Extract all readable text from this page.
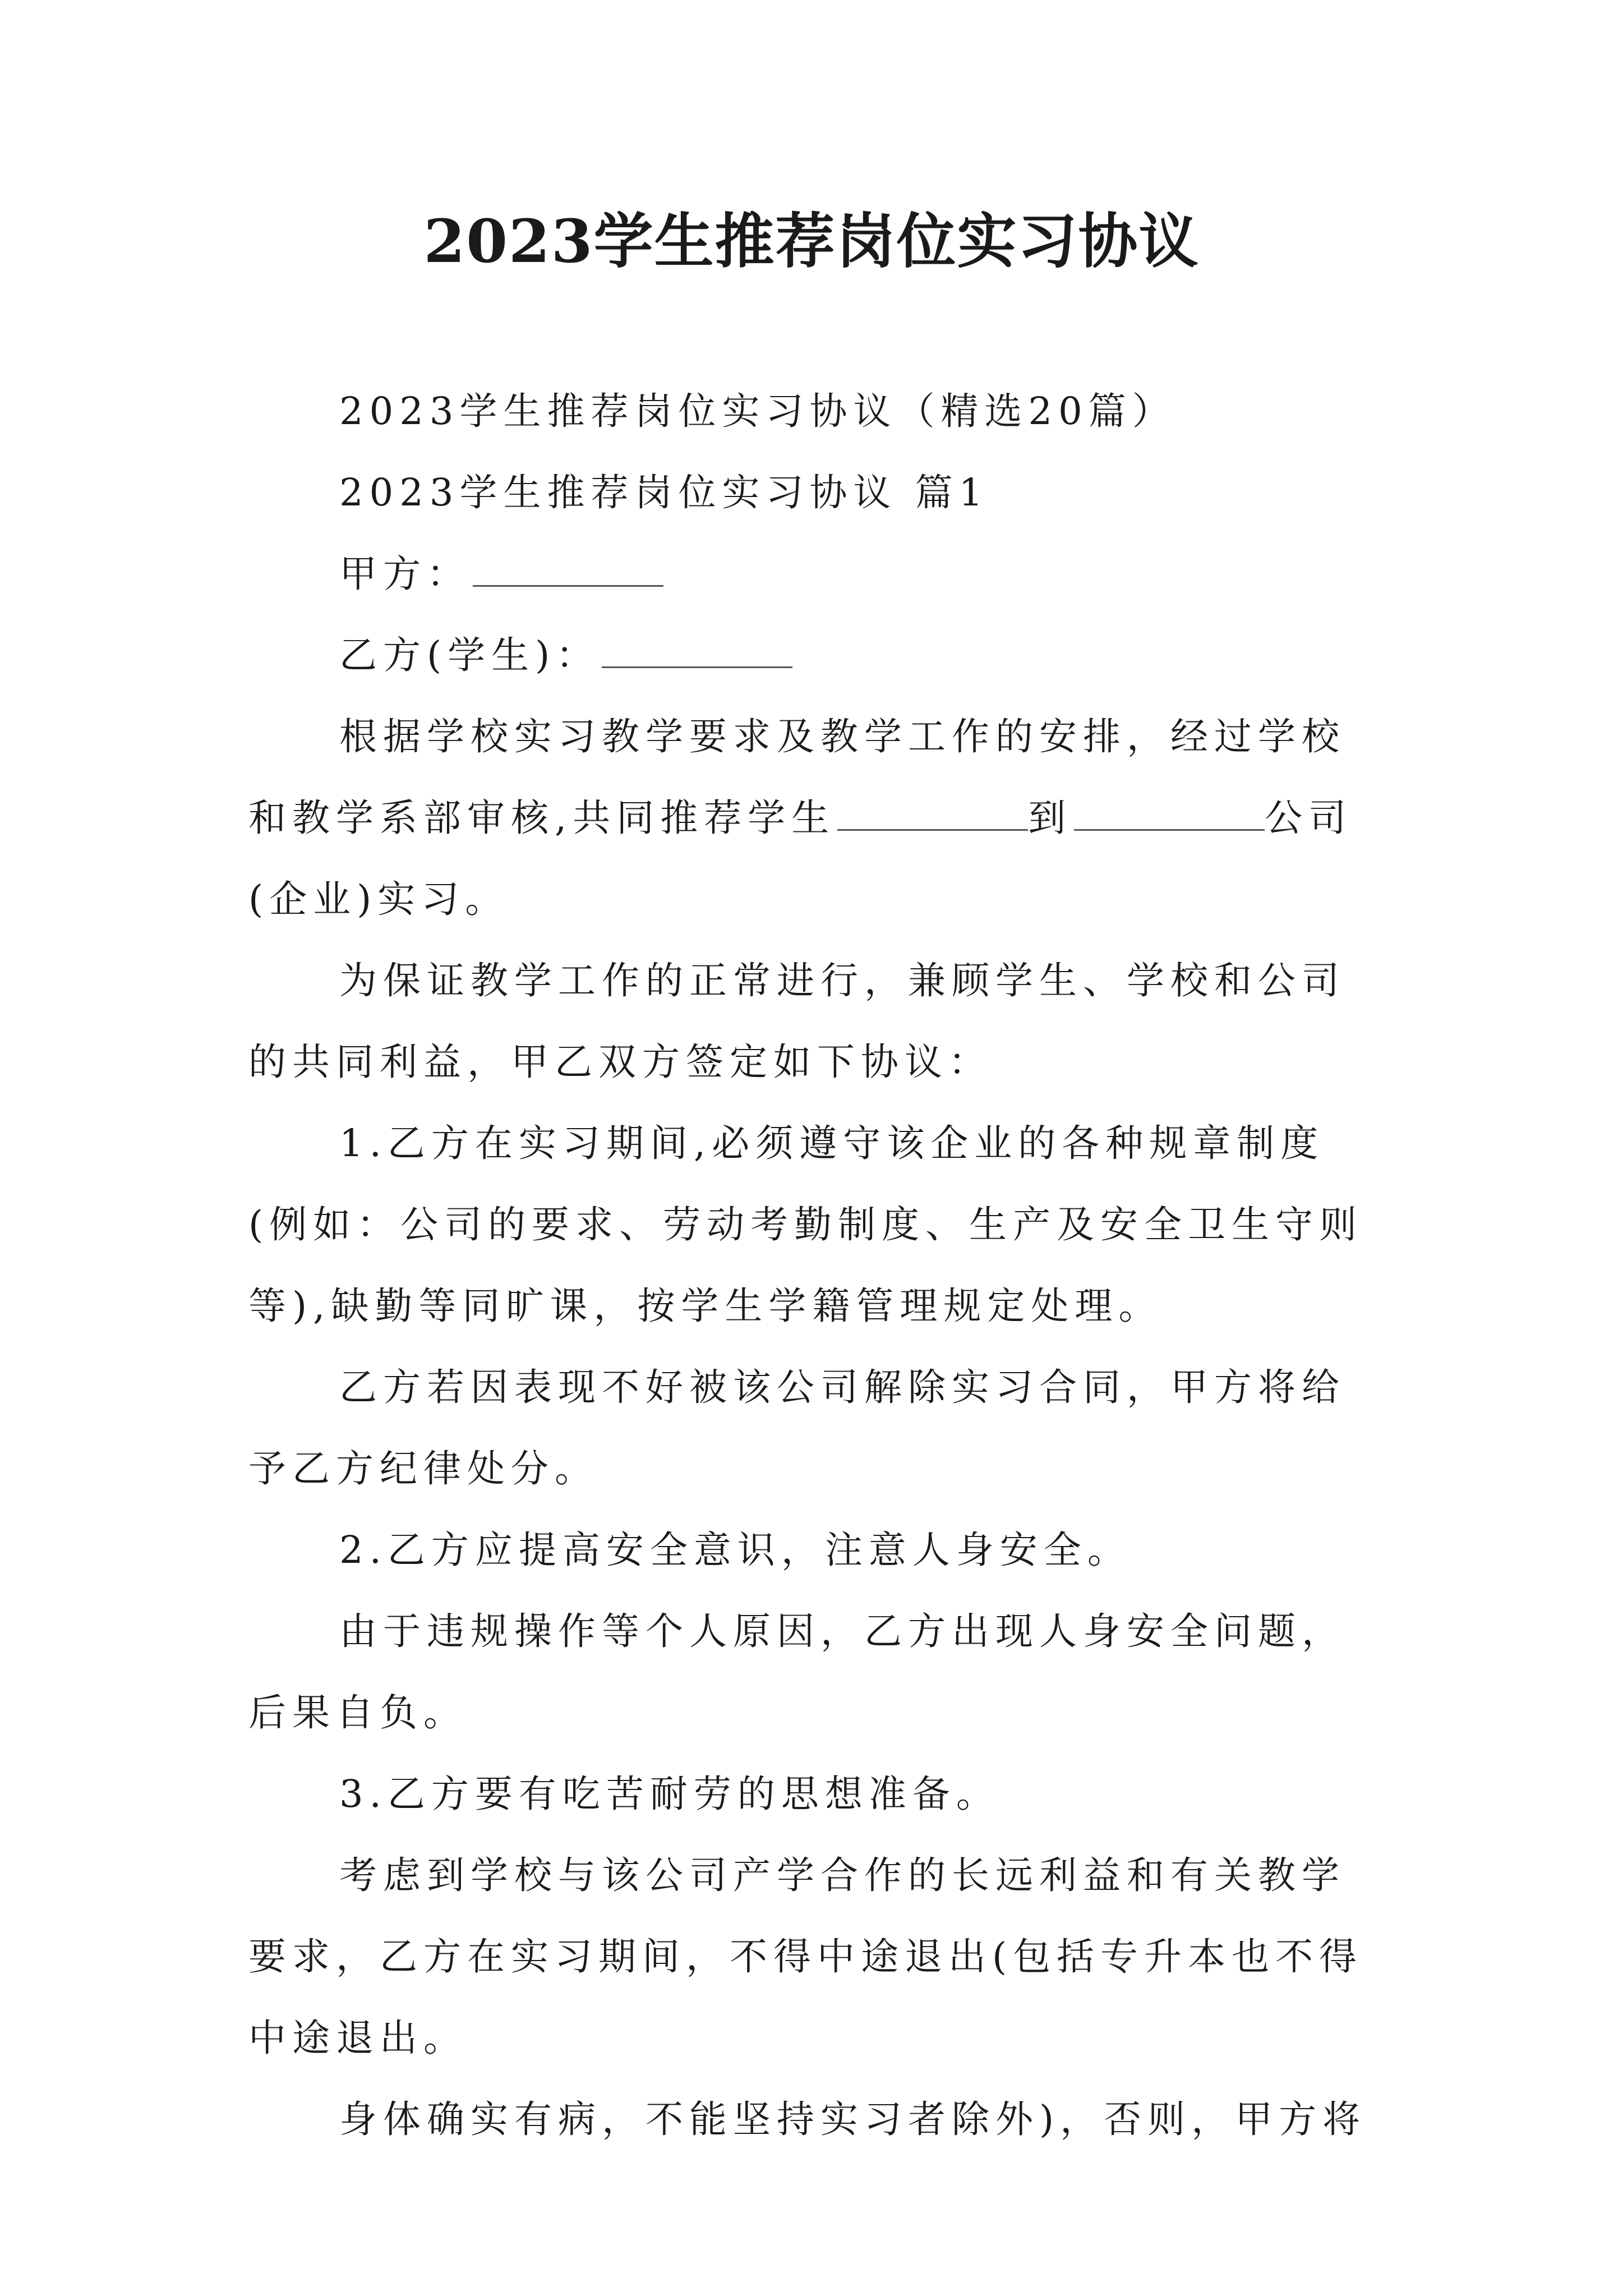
2023学生推荐岗位实习协议

2023学生推荐岗位实习协议（精选20篇）

2023学生推荐岗位实习协议 篇1

甲方：

乙方(学生)：

根据学校实习教学要求及教学工作的安排，经过学校和教学系部审核,共同推荐学生	到	公司(企业)实习。

为保证教学工作的正常进行，兼顾学生、学校和公司的共同利益，甲乙双方签定如下协议：

1.乙方在实习期间,必须遵守该企业的各种规章制度(例如：公司的要求、劳动考勤制度、生产及安全卫生守则等),缺勤等同旷课，按学生学籍管理规定处理。

乙方若因表现不好被该公司解除实习合同，甲方将给予乙方纪律处分。

2.乙方应提高安全意识，注意人身安全。

由于违规操作等个人原因，乙方出现人身安全问题，后果自负。

3.乙方要有吃苦耐劳的思想准备。

考虑到学校与该公司产学合作的长远利益和有关教学要求，乙方在实习期间，不得中途退出(包括专升本也不得中途退出。

身体确实有病，不能坚持实习者除外)，否则，甲方将
